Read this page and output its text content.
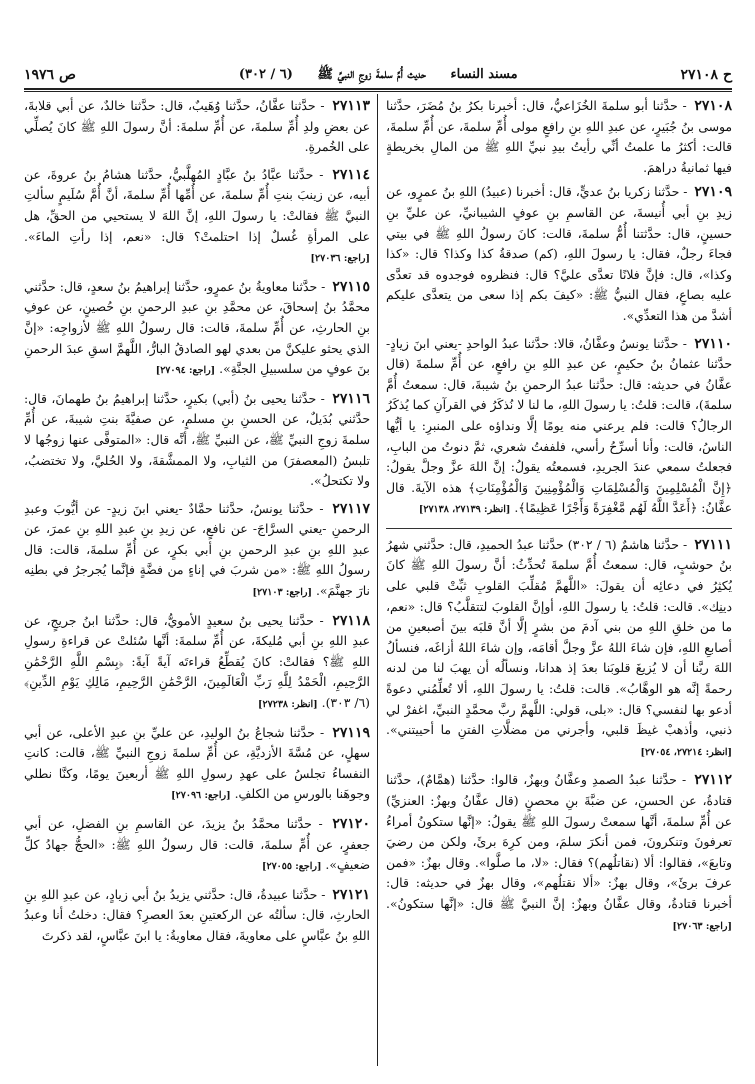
ح ٢٧١٠٨
مسند النساء حديث أُمِّ سلمةَ زوجِ النبيِّ ﷺ (٦ / ٣٠٢)
ص ١٩٧٦
٢٧١٠٨ - حدَّثنا أبو سلمةَ الخُزَاعيُّ، قال: أخبرنا بكرُ بنُ مُضَرَ، حدَّثنا موسى بنُ جُبَيرٍ، عن عبدِ اللهِ بنِ رافعٍ مولى أُمِّ سلمةَ، عن أُمِّ سلمةَ، قالت: أكثرُ ما علمتُ أنِّي رأيتُ بيدِ نبيِّ اللهِ ﷺ من المالِ بخريطةٍ فيها ثمانيةُ دراهمَ.
٢٧١٠٩ - حدَّثنا زكريا بنُ عديٍّ، قال: أخبرنا (عبيدُ) اللهِ بنُ عمرٍو، عن زيدِ بنِ أبي أُنيسةَ، عن القاسمِ بنِ عوفٍ الشيبانيِّ، عن عليِّ بنِ حسينٍ، قال: حدَّثتنا أُمُّ سلمةَ، قالت: كانَ رسولُ اللهِ ﷺ في بيتي فجاءَ رجلٌ، فقال: يا رسولَ اللهِ، (كم) صدقةُ كذا وكذا؟ قال: «كذا وكذا»، قال: فإنَّ فلانًا تعدَّى عليَّ؟ قال: فنظروه فوجدوه قد تعدَّى عليه بصاعٍ، فقال النبيُّ ﷺ: «كيفَ بكم إذا سعى من يتعدَّى عليكم أشدَّ من هذا التعدِّي».
٢٧١١٠ - حدَّثنا يونسُ وعفَّانُ، قالا: حدَّثنا عبدُ الواحدِ -يعني ابنَ زيادٍ- حدَّثنا عثمانُ بنُ حكيمٍ، عن عبدِ اللهِ بنِ رافعٍ، عن أُمِّ سلمةَ (قال عفَّانُ في حديثه: قال: حدَّثنا عبدُ الرحمنِ بنُ شيبةَ، قال: سمعتُ أُمَّ سلمةَ)، قالت: قلتُ: يا رسولَ اللهِ، ما لنا لا نُذكَرُ في القرآنِ كما يُذكَرُ الرجالُ؟ قالت: فلم يرعني منه يومًا إلَّا ونداؤه على المنبرِ: يا أيُّها الناسُ، قالت: وأنا أسرِّحُ رأسي، فلففتُ شعري، ثمَّ دنوتُ من البابِ، فجعلتُ سمعي عندَ الجريدِ، فسمعتُه يقولُ: إنَّ اللهَ عزَّ وجلَّ يقولُ: ﴿إِنَّ الْمُسْلِمِينَ وَالْمُسْلِمَاتِ وَالْمُؤْمِنِينَ وَالْمُؤْمِنَاتِ﴾ هذه الآيةَ. قال عفَّانُ: ﴿أَعَدَّ اللَّهُ لَهُم مَّغْفِرَةً وَأَجْرًا عَظِيمًا﴾. [انظر: ٢٧١٣٩، ٢٧١٣٨]
٢٧١١١ - حدَّثنا هاشمٌ (٦ / ٣٠٢) حدَّثنا عبدُ الحميدِ، قال: حدَّثني شهرُ بنُ حوشبٍ، قال: سمعتُ أُمَّ سلمةَ تُحدِّثُ: أنَّ رسولَ اللهِ ﷺ كانَ يُكثِرُ في دعائِه أن يقولَ: «اللَّهمَّ مُقلِّبَ القلوبِ ثبِّتْ قلبي على دينِك». قالت: قلتُ: يا رسولَ اللهِ، أوإنَّ القلوبَ لتتقلَّبُ؟ قال: «نعم، ما من خلقِ اللهِ من بني آدمَ من بشرٍ إلَّا أنَّ قلبَه بينَ أصبعينِ من أصابعِ اللهِ، فإن شاءَ اللهُ عزَّ وجلَّ أقامَه، وإن شاءَ اللهُ أزاغَه، فنسألُ اللهَ ربَّنا أن لا يُزيغَ قلوبَنا بعدَ إذ هدانا، ونسألُه أن يهبَ لنا من لدنه رحمةً إنَّه هو الوهَّابُ». قالت: قلتُ: يا رسولَ اللهِ، ألا تُعلِّمُني دعوةً أدعو بها لنفسي؟ قال: «بلى، قولي: اللَّهمَّ ربَّ محمَّدٍ النبيِّ، اغفرْ لي ذنبي، وأذهبْ غيظَ قلبي، وأجرني من مضلَّاتِ الفتنِ ما أحييتني». [انظر: ٢٧٢١٤، ٢٧٠٥٤]
٢٧١١٢ - حدَّثنا عبدُ الصمدِ وعفَّانُ وبهزٌ، قالوا: حدَّثنا (همَّامٌ)، حدَّثنا قتادةُ، عن الحسنِ، عن ضبَّةَ بنِ محصنٍ (قال عفَّانُ وبهزٌ: العنزيِّ) عن أُمِّ سلمةَ، أنَّها سمعتْ رسولَ اللهِ ﷺ يقولُ: «إنَّها ستكونُ أمراءُ تعرفونَ وتنكرونَ، فمن أنكرَ سلمَ، ومن كرِهَ برئَ، ولكن من رضيَ وتابعَ»، فقالوا: ألا (نقاتلُهم)؟ فقال: «لا، ما صلَّوا». وقال بهزٌ: «فمن عرفَ برئَ»، وقال بهزٌ: «ألا نقتلُهم»، وقال بهزٌ في حديثه: قال: أخبرنا قتادةُ، وقال عفَّانُ وبهزٌ: إنَّ النبيَّ ﷺ قال: «إنَّها ستكونُ». [راجع: ٢٧٠٦٣]
٢٧١١٣ - حدَّثنا عفَّانُ، حدَّثنا وُهَيبٌ، قال: حدَّثنا خالدٌ، عن أبي قلابةَ، عن بعضِ ولدِ أُمِّ سلمةَ، عن أُمِّ سلمةَ: أنَّ رسولَ اللهِ ﷺ كانَ يُصلِّي على الخُمرةِ.
٢٧١١٤ - حدَّثنا عبَّادُ بنُ عبَّادٍ المُهلَّبيُّ، حدَّثنا هشامُ بنُ عروةَ، عن أبيه، عن زينبَ بنتِ أُمِّ سلمةَ، عن أُمِّها أُمِّ سلمةَ، أنَّ أُمَّ سُلَيمٍ سألتِ النبيَّ ﷺ فقالتْ: يا رسولَ اللهِ، إنَّ اللهَ لا يستحيي من الحقِّ، هل على المرأةِ غُسلٌ إذا احتلمتْ؟ قال: «نعم، إذا رأتِ الماءَ». [راجع: ٢٧٠٣٦]
٢٧١١٥ - حدَّثنا معاويةُ بنُ عمرٍو، حدَّثنا إبراهيمُ بنُ سعدٍ، قال: حدَّثني محمَّدُ بنُ إسحاقَ، عن محمَّدِ بنِ عبدِ الرحمنِ بنِ حُصينٍ، عن عوفِ بنِ الحارثِ، عن أُمِّ سلمةَ، قالت: قال رسولُ اللهِ ﷺ لأزواجِه: «إنَّ الذي يحثو عليكنَّ من بعدي لهو الصادقُ البارُّ، اللَّهمَّ اسقِ عبدَ الرحمنِ بنَ عوفٍ من سلسبيلِ الجنَّةِ». [راجع: ٢٧٠٩٤]
٢٧١١٦ - حدَّثنا يحيى بنُ (أبي) بكيرٍ، حدَّثنا إبراهيمُ بنُ طهمانَ، قال: حدَّثني بُدَيلٌ، عن الحسنِ بنِ مسلمٍ، عن صفيَّةَ بنتِ شيبةَ، عن أُمِّ سلمةَ زوجِ النبيِّ ﷺ، عن النبيِّ ﷺ، أنَّه قال: «المتوفَّى عنها زوجُها لا تلبسُ (المعصفرَ) من الثيابِ، ولا الممشَّقةَ، ولا الحُليَّ، ولا تختضبُ، ولا تكتحلُ».
٢٧١١٧ - حدَّثنا يونسُ، حدَّثنا حمَّادٌ -يعني ابنَ زيدٍ- عن أيُّوبَ وعبدِ الرحمنِ -يعني السرَّاجَ- عن نافعٍ، عن زيدِ بنِ عبدِ اللهِ بنِ عمرَ، عن عبدِ اللهِ بنِ عبدِ الرحمنِ بنِ أبي بكرٍ، عن أُمِّ سلمةَ، قالت: قال رسولُ اللهِ ﷺ: «من شربَ في إناءٍ من فضَّةٍ فإنَّما يُجرجرُ في بطنِه نارَ جهنَّمَ». [راجع: ٢٧١٠٣]
٢٧١١٨ - حدَّثنا يحيى بنُ سعيدٍ الأمويُّ، قال: حدَّثنا ابنُ جريجٍ، عن عبدِ اللهِ بنِ أبي مُليكةَ، عن أُمِّ سلمةَ: أنَّها سُئلتْ عن قراءةِ رسولِ اللهِ ﷺ؟ فقالتْ: كانَ يُقطِّعُ قراءتَه آيةً آيةً: ﴿بِسْمِ اللَّهِ الرَّحْمَٰنِ الرَّحِيمِ، الْحَمْدُ لِلَّهِ رَبِّ الْعَالَمِينَ، الرَّحْمَٰنِ الرَّحِيمِ، مَالِكِ يَوْمِ الدِّينِ﴾ (٦/ ٣٠٣). [انظر: ٢٧٢٣٨]
٢٧١١٩ - حدَّثنا شجاعُ بنُ الوليدِ، عن عليِّ بنِ عبدِ الأعلى، عن أبي سهلٍ، عن مُسَّةَ الأزديَّةِ، عن أُمِّ سلمةَ زوجِ النبيِّ ﷺ، قالت: كانتِ النفساءُ تجلسُ على عهدِ رسولِ اللهِ ﷺ أربعينَ يومًا، وكنَّا نطلي وجوهَنا بالورسِ من الكلفِ. [راجع: ٢٧٠٩٦]
٢٧١٢٠ - حدَّثنا محمَّدُ بنُ يزيدَ، عن القاسمِ بنِ الفضلِ، عن أبي جعفرٍ، عن أُمِّ سلمةَ، قالت: قال رسولُ اللهِ ﷺ: «الحجُّ جهادُ كلِّ ضعيفٍ». [راجع: ٢٧٠٥٥]
٢٧١٢١ - حدَّثنا عبيدةُ، قال: حدَّثني يزيدُ بنُ أبي زيادٍ، عن عبدِ اللهِ بنِ الحارثِ، قال: سألتُه عن الركعتينِ بعدَ العصرِ؟ فقال: دخلتُ أنا وعبدُ اللهِ بنُ عبَّاسٍ على معاويةَ، فقال معاويةُ: يا ابنَ عبَّاسٍ، لقد ذكرتَ
